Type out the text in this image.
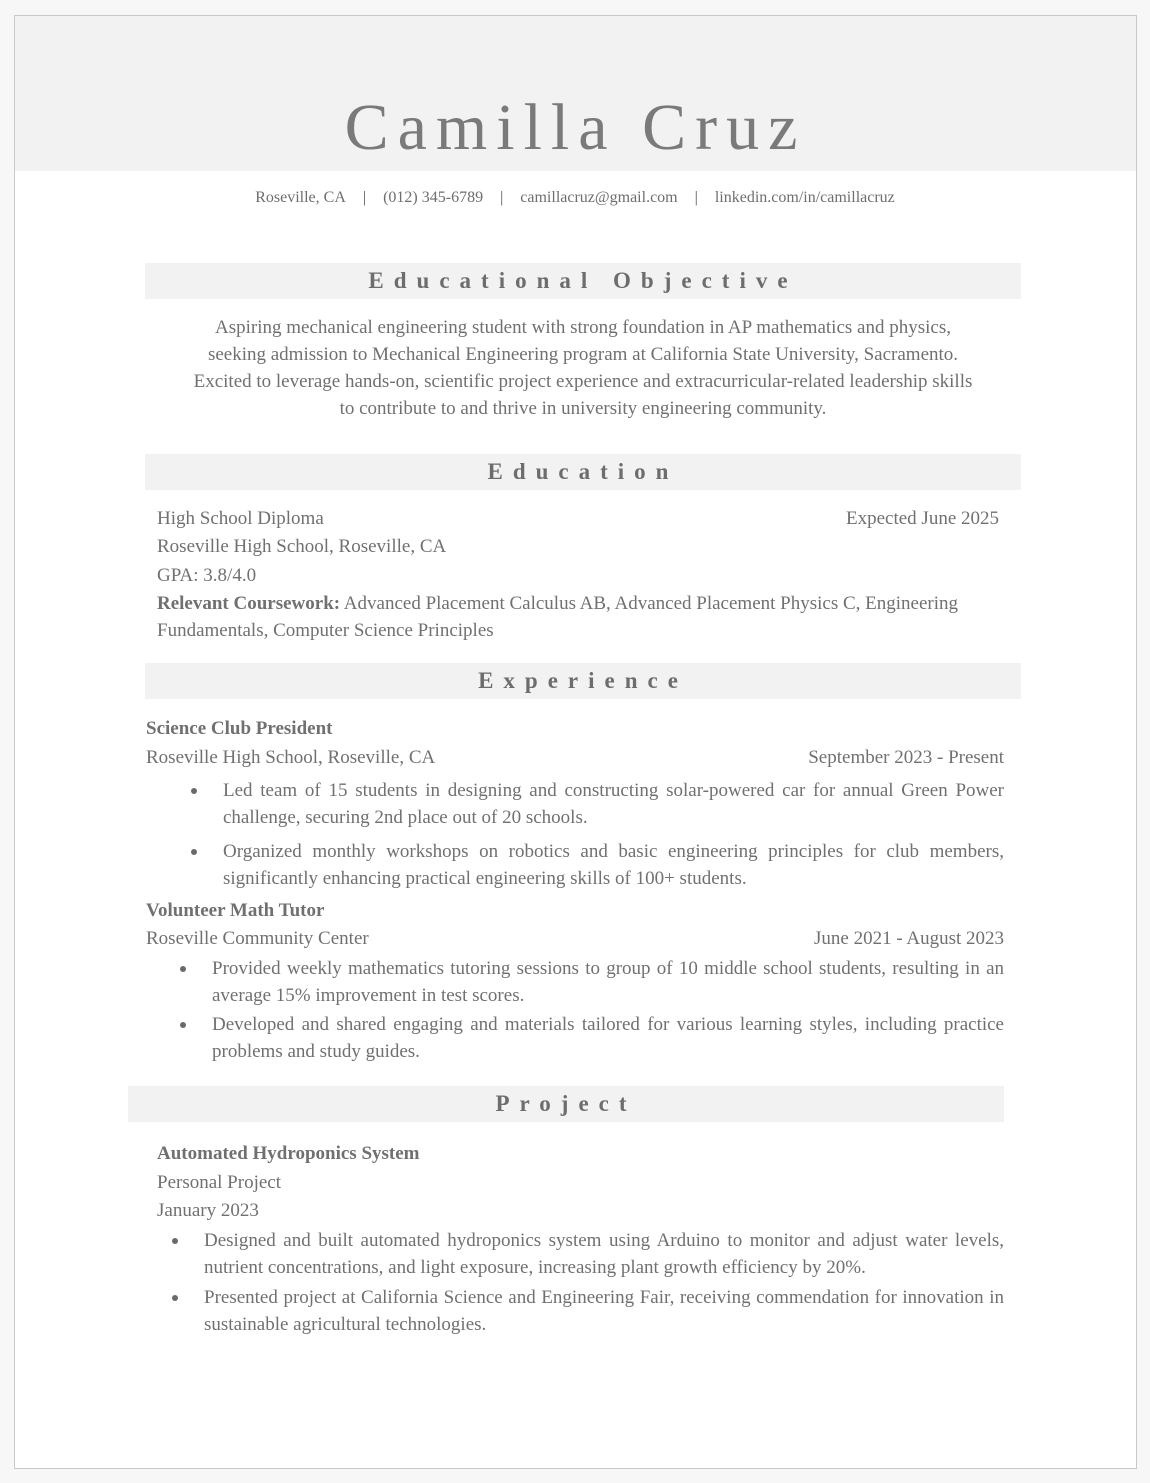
Camilla Cruz
Roseville, CA | (012) 345-6789 | camillacruz@gmail.com | linkedin.com/in/camillacruz
Educational Objective
Aspiring mechanical engineering student with strong foundation in AP mathematics and physics,
seeking admission to Mechanical Engineering program at California State University, Sacramento.
Excited to leverage hands-on, scientific project experience and extracurricular-related leadership skills
to contribute to and thrive in university engineering community.
Education
High School Diploma	Expected June 2025
Roseville High School, Roseville, CA
GPA: 3.8/4.0
Relevant Coursework: Advanced Placement Calculus AB, Advanced Placement Physics C, Engineering
Fundamentals, Computer Science Principles
Experience
Science Club President
Roseville High School, Roseville, CA	September 2023 - Present
Led team of 15 students in designing and constructing solar-powered car for annual Green Power challenge, securing 2nd place out of 20 schools.
Organized monthly workshops on robotics and basic engineering principles for club members, significantly enhancing practical engineering skills of 100+ students.
Volunteer Math Tutor
Roseville Community Center	June 2021 - August 2023
Provided weekly mathematics tutoring sessions to group of 10 middle school students, resulting in an average 15% improvement in test scores.
Developed and shared engaging and materials tailored for various learning styles, including practice problems and study guides.
Project
Automated Hydroponics System
Personal Project
January 2023
Designed and built automated hydroponics system using Arduino to monitor and adjust water levels, nutrient concentrations, and light exposure, increasing plant growth efficiency by 20%.
Presented project at California Science and Engineering Fair, receiving commendation for innovation in sustainable agricultural technologies.
